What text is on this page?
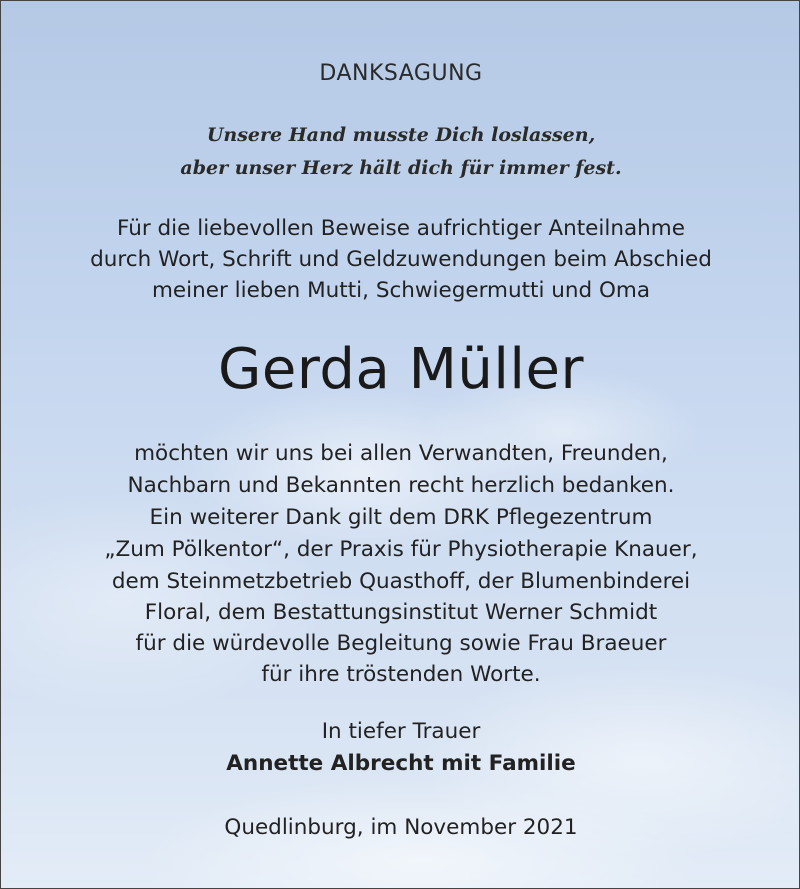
DANKSAGUNG
Unsere Hand musste Dich loslassen,
aber unser Herz hält dich für immer fest.
Für die liebevollen Beweise aufrichtiger Anteilnahme
durch Wort, Schrift und Geldzuwendungen beim Abschied
meiner lieben Mutti, Schwiegermutti und Oma
Gerda Müller
möchten wir uns bei allen Verwandten, Freunden,
Nachbarn und Bekannten recht herzlich bedanken.
Ein weiterer Dank gilt dem DRK Pflegezentrum
„Zum Pölkentor“, der Praxis für Physiotherapie Knauer,
dem Steinmetzbetrieb Quasthoff, der Blumenbinderei
Floral, dem Bestattungsinstitut Werner Schmidt
für die würdevolle Begleitung sowie Frau Braeuer
für ihre tröstenden Worte.
In tiefer Trauer
Annette Albrecht mit Familie
Quedlinburg, im November 2021
